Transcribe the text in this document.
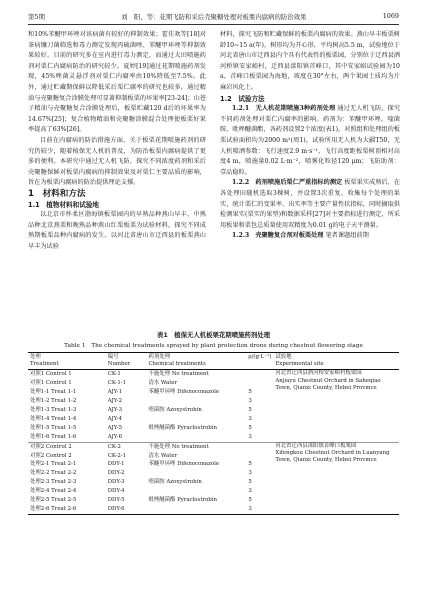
第5期	刘　阳，等：花期飞防和采后壳聚糖处理对板栗内腐病的防治效果	1069

和10%苯醚甲环唑对该病菌有较好的抑制效果；霍佳欢等[18]对茶病镰刀菌筛选和毒力测定发现丙硫菌唑、苯醚甲环唑等抑制效果较好。目前的研究多在室内进行毒力测定，而通过大田喷施药剂对栗仁内腐病防治的研究较少。夏婷[19]通过花期喷施药剂发现，45%唑菌灵悬浮剂对栗仁内腐率由10%降低至7.5%。此外，通过贮藏期保鲜以降低采后栗仁腐率的研究也较多，通过精油与壳聚糖复合涂膜处理可显著抑制板栗的坏果率[23-24]；山苍子精油与壳聚糖复合涂膜处理后，板栗贮藏120 d后的坏果率为14.67%[25]；复合植物精油和壳聚糖涂膜混合处理使板栗好果率提高了63%[26]。

目前在内腐病的防治措施方面，关于板栗花期喷施药剂的研究仍较少，随着植保无人机的普及，为防治板栗内腐病提供了更多的便利。本研究中通过无人机飞防，探究不同浓度药剂和采后壳聚糖保鲜对板栗内腐病的抑制效果及对栗仁主要品质的影响，旨在为板栗内腐病的防治提供理论支撑。

1　材料和方法

1.1　植物材料和试验地

以北京市怀柔区渤海镇板栗园内的早熟品种燕山早丰、中熟品种北京燕栗和晚熟品种燕山红栗板栗为试验材料，探究不同成熟期板栗品种内腐病的发生。以河北省唐山市迁西县的板栗燕山早丰为试验

材料，探究飞防和贮藏保鲜的板栗内腐病的效果。燕山早丰板栗树龄10~15 a(年)，树形均为开心形，平均树高5.5 m，试验地位于河北省唐山市迁西县内个具有代表性的板栗园，分别位于迁西县洒河桥镇安家峪村，迁西县滦阳镇首峰口，其中安家峪试验园为10 a，首峰口板栗园为海地，坡度在30°左右，两个果园土质均为片麻岩风化土。

1.2　试验方法

1.2.1　无人机花期喷施3种药剂处理 通过无人机飞防，探究不同药剂处理对栗仁内腐率的影响。药剂为：苯醚甲环唑、喹菌胺、吡唑醚菌酯，各药剂设置2个浓度(表1)，对照组和处理组的板栗试验面积均为2000 m²(周1)。试验所用无人机为大疆T50，无人机喷洒参数：飞行速度2.9 m·s⁻¹，飞行高度距板栗树顶相对高度4 m，喷施量0.02 L·m⁻²，喷雾化粒径120 μm；飞防助剂：壹品稳粒。

1.2.2　药剂喷施后栗仁严重指标的测定 板栗果实成熟后，在各处理田随机选取3棵树，并设置3次重复，收集每个处理的果实，统计栗仁的变果率、出实率等主要产量性状指标，同时摘取供检测果实(栗实的果型)和数据采样[27]对主要指标进行测定，所采用板果和栗包总质量使用双精度为0.01 g的电子天平测量。

1.2.3　壳聚糖复合剂对板栗处理 笔者课题组前期

表1　植保无人机板栗花期喷施药剂处理
Table 1　The chemical treatments sprayed by plant protection drone during chestnut flowering stage
处理
Treatment	编号
Number	药剂处理
Chemical treatments	ρ/(g·L⁻¹)	试验地
Experimental site
对照1 Control 1	CK-1	不施处理 No treatment		河北省迁西县洒河桥安家峪村板栗园
Anjiayu Chestnut Orchard in Saheqiao Town, Qianxi County, Hebei Province
对照1 Control 1	CK-1-1	清水 Water		
处理1-1 Treat 1-1	AJY-1	苯醚甲环唑 Difenoconazole	5	
处理1-2 Treat 1-2	AJY-2		3	
处理1-3 Treat 1-3	AJY-3	喹菌胺 Azoxystrobin	5	
处理1-4 Treat 1-4	AJY-4		3	
处理1-5 Treat 1-5	AJY-5	吡唑醚菌酯 Pyraclostrobin	5	
处理1-6 Treat 1-6	AJY-6		3	
对照2 Control 2	CK-2	不施处理 No treatment		河北省迁西县滦阳镇首峰口板栗园
Xifengkou Chestnut Orchard in Luanyang Town, Qianxi County, Hebei Province
对照2 Control 2	CK-2-1	清水 Water		
处理2-1 Treat 2-1	DDY-1	苯醚甲环唑 Difenoconazole	5	
处理2-2 Treat 2-2	DDY-2		3	
处理2-3 Treat 2-3	DDY-3	喹菌胺 Azoxystrobin	5	
处理2-4 Treat 2-4	DDY-4		3	
处理2-5 Treat 2-5	DDY-5	吡唑醚菌酯 Pyraclostrobin	5	
处理2-6 Treat 2-6	DDY-6		3	
